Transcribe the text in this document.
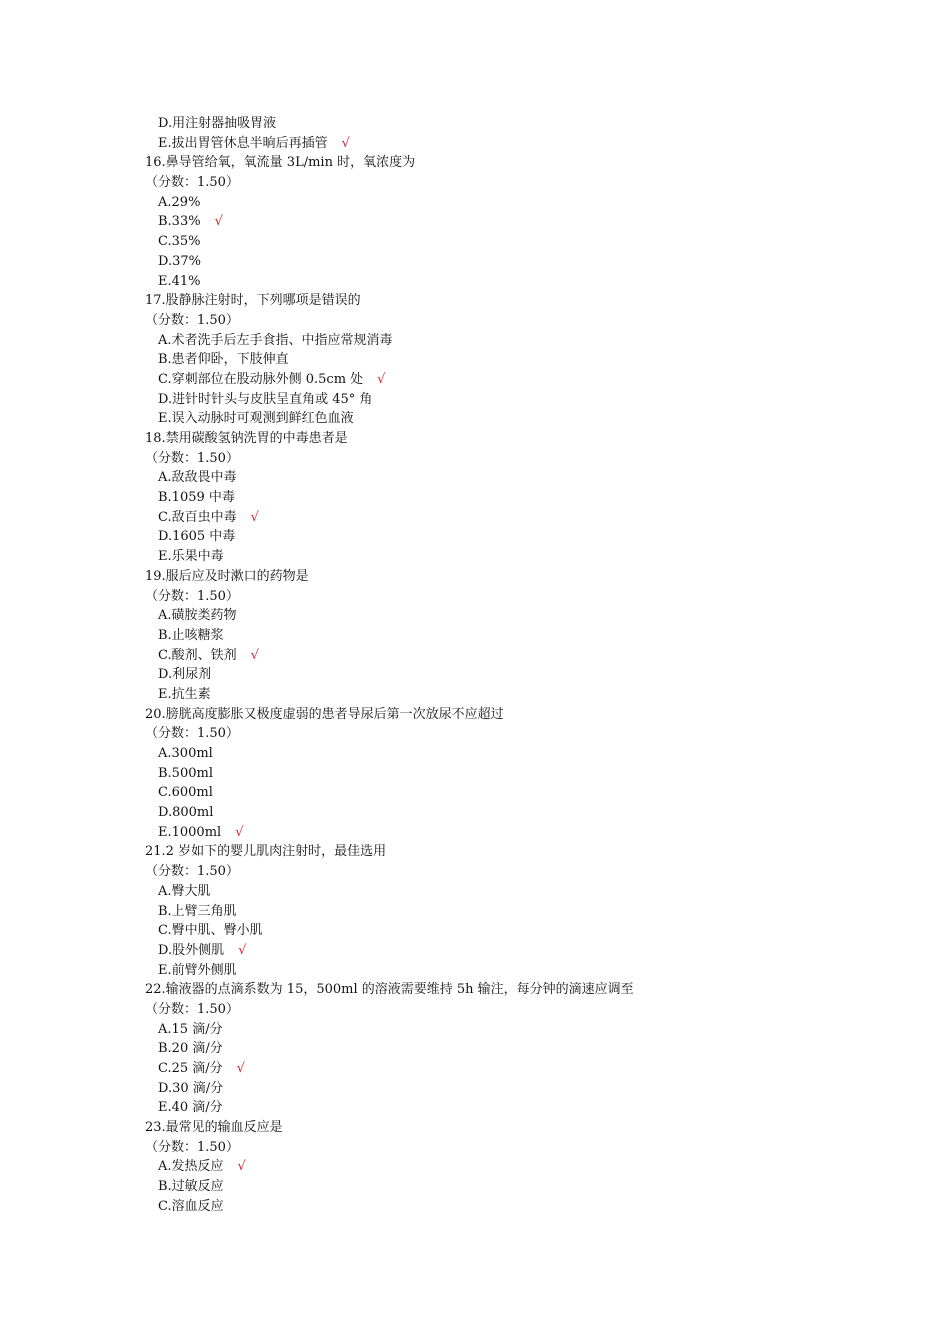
D.用注射器抽吸胃液
E.拔出胃管休息半晌后再插管 √
16.鼻导管给氧，氧流量 3L/min 时，氧浓度为
（分数：1.50）
A.29%
B.33% √
C.35%
D.37%
E.41%
17.股静脉注射时，下列哪项是错误的
（分数：1.50）
A.术者洗手后左手食指、中指应常规消毒
B.患者仰卧，下肢伸直
C.穿刺部位在股动脉外侧 0.5cm 处 √
D.进针时针头与皮肤呈直角或 45° 角
E.误入动脉时可观测到鲜红色血液
18.禁用碳酸氢钠洗胃的中毒患者是
（分数：1.50）
A.敌敌畏中毒
B.1059 中毒
C.敌百虫中毒 √
D.1605 中毒
E.乐果中毒
19.服后应及时漱口的药物是
（分数：1.50）
A.磺胺类药物
B.止咳糖浆
C.酸剂、铁剂 √
D.利尿剂
E.抗生素
20.膀胱高度膨胀又极度虚弱的患者导尿后第一次放尿不应超过
（分数：1.50）
A.300ml
B.500ml
C.600ml
D.800ml
E.1000ml √
21.2 岁如下的婴儿肌肉注射时，最佳选用
（分数：1.50）
A.臀大肌
B.上臂三角肌
C.臀中肌、臀小肌
D.股外侧肌 √
E.前臂外侧肌
22.输液器的点滴系数为 15，500ml 的溶液需要维持 5h 输注，每分钟的滴速应调至
（分数：1.50）
A.15 滴/分
B.20 滴/分
C.25 滴/分 √
D.30 滴/分
E.40 滴/分
23.最常见的输血反应是
（分数：1.50）
A.发热反应 √
B.过敏反应
C.溶血反应
